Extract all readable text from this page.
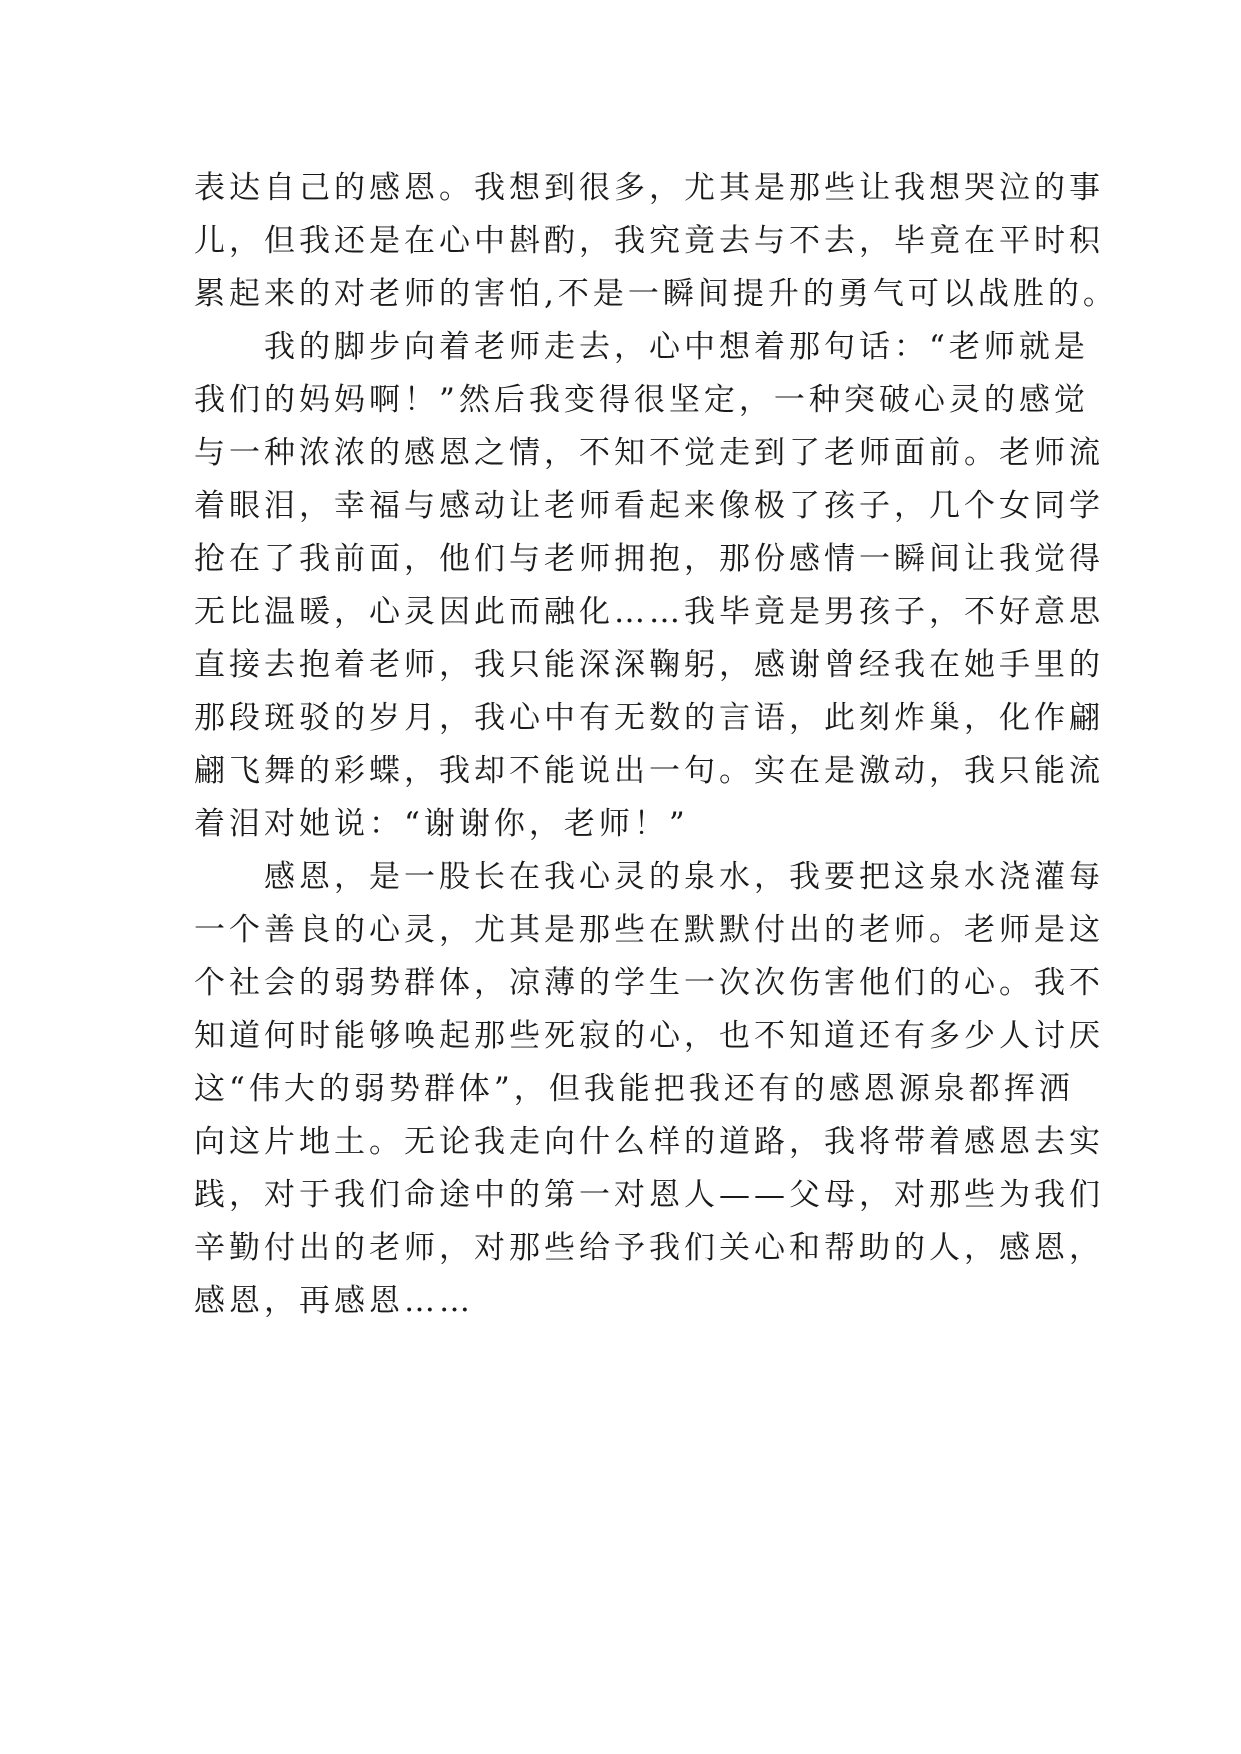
表达自己的感恩。我想到很多，尤其是那些让我想哭泣的事
儿，但我还是在心中斟酌，我究竟去与不去，毕竟在平时积
累起来的对老师的害怕,不是一瞬间提升的勇气可以战胜的。
　　我的脚步向着老师走去，心中想着那句话：“老师就是
我们的妈妈啊！”然后我变得很坚定，一种突破心灵的感觉
与一种浓浓的感恩之情，不知不觉走到了老师面前。老师流
着眼泪，幸福与感动让老师看起来像极了孩子，几个女同学
抢在了我前面，他们与老师拥抱，那份感情一瞬间让我觉得
无比温暖，心灵因此而融化……我毕竟是男孩子，不好意思
直接去抱着老师，我只能深深鞠躬，感谢曾经我在她手里的
那段斑驳的岁月，我心中有无数的言语，此刻炸巢，化作翩
翩飞舞的彩蝶，我却不能说出一句。实在是激动，我只能流
着泪对她说：“谢谢你，老师！”
　　感恩，是一股长在我心灵的泉水，我要把这泉水浇灌每
一个善良的心灵，尤其是那些在默默付出的老师。老师是这
个社会的弱势群体，凉薄的学生一次次伤害他们的心。我不
知道何时能够唤起那些死寂的心，也不知道还有多少人讨厌
这“伟大的弱势群体”，但我能把我还有的感恩源泉都挥洒
向这片地土。无论我走向什么样的道路，我将带着感恩去实
践，对于我们命途中的第一对恩人——父母，对那些为我们
辛勤付出的老师，对那些给予我们关心和帮助的人，感恩，
感恩，再感恩……
